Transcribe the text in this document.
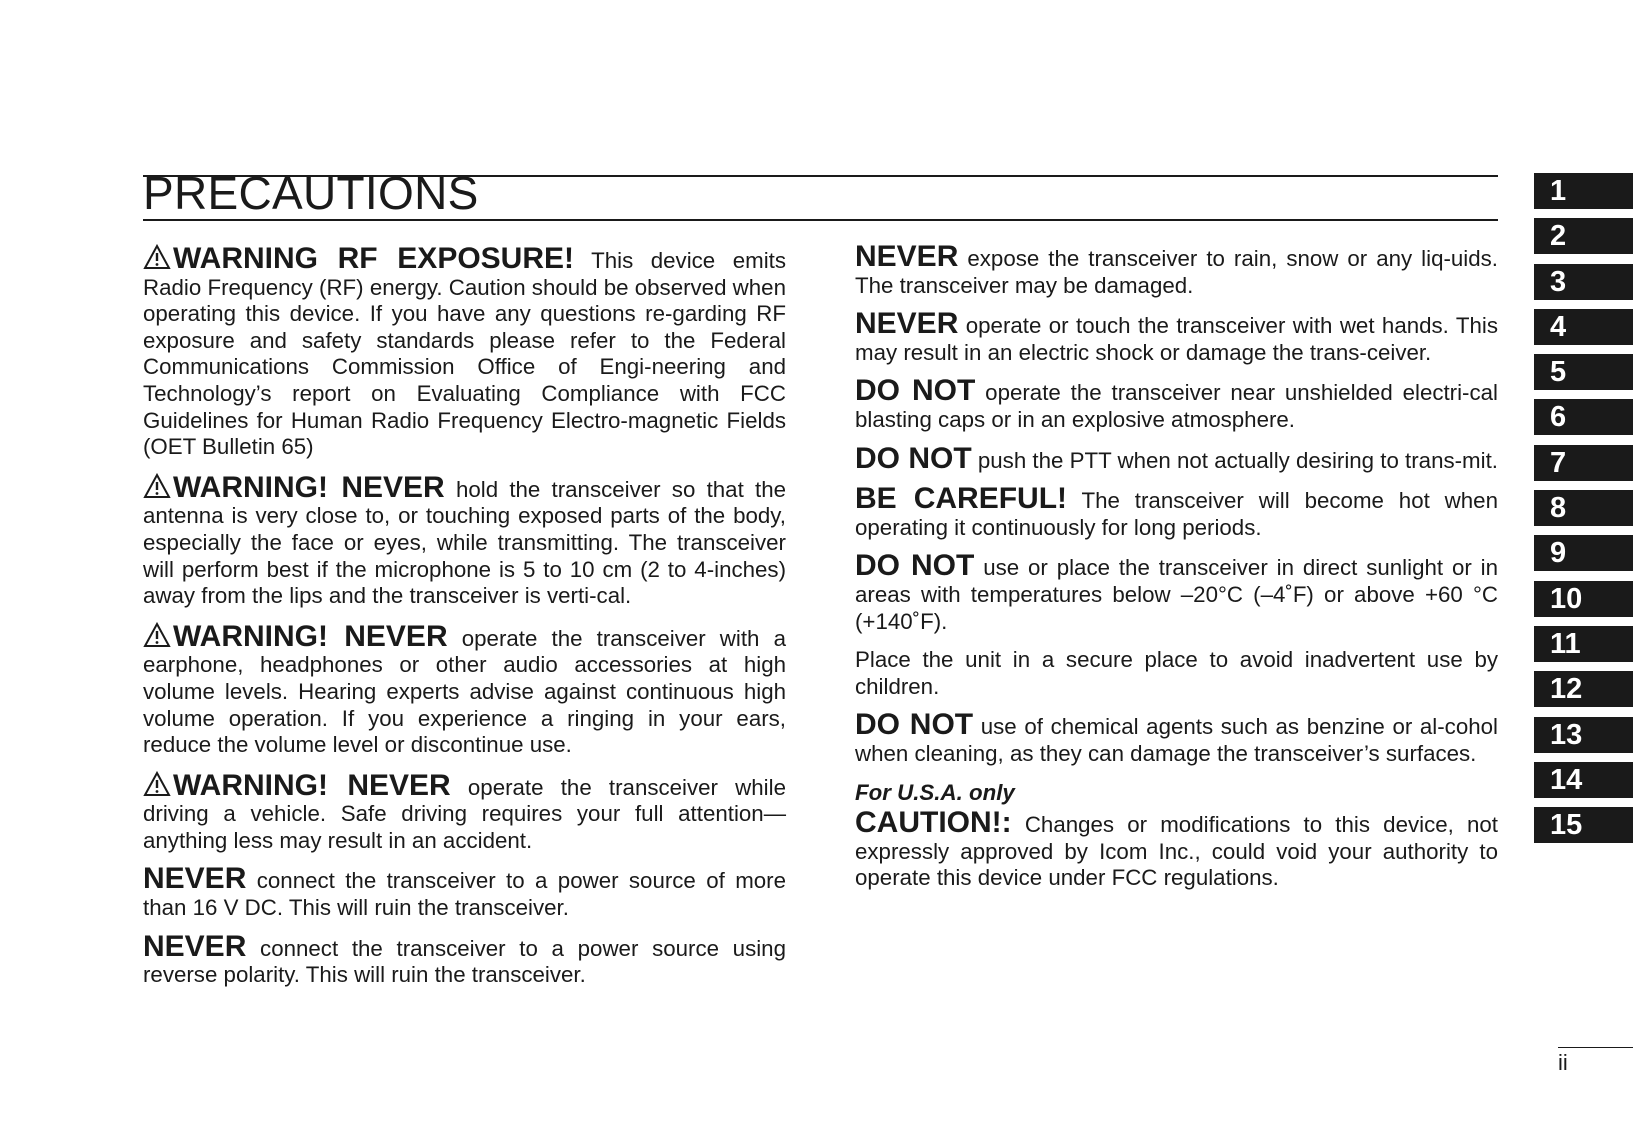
PRECAUTIONS

WARNING RF EXPOSURE! This device emits Radio Frequency (RF) energy. Caution should be observed when operating this device. If you have any questions re-garding RF exposure and safety standards please refer to the Federal Communications Commission Office of Engi-neering and Technology’s report on Evaluating Compliance with FCC Guidelines for Human Radio Frequency Electro-magnetic Fields (OET Bulletin 65)

WARNING! NEVER hold the transceiver so that the antenna is very close to, or touching exposed parts of the body, especially the face or eyes, while transmitting. The transceiver will perform best if the microphone is 5 to 10 cm (2 to 4-inches) away from the lips and the transceiver is verti-cal.

WARNING! NEVER operate the transceiver with a earphone, headphones or other audio accessories at high volume levels. Hearing experts advise against continuous high volume operation. If you experience a ringing in your ears, reduce the volume level or discontinue use.

WARNING! NEVER operate the transceiver while driving a vehicle. Safe driving requires your full attention—anything less may result in an accident.

NEVER connect the transceiver to a power source of more than 16 V DC. This will ruin the transceiver.

NEVER connect the transceiver to a power source using reverse polarity. This will ruin the transceiver.

NEVER expose the transceiver to rain, snow or any liq-uids. The transceiver may be damaged.

NEVER operate or touch the transceiver with wet hands. This may result in an electric shock or damage the trans-ceiver.

DO NOT operate the transceiver near unshielded electri-cal blasting caps or in an explosive atmosphere.

DO NOT push the PTT when not actually desiring to trans-mit.

BE CAREFUL! The transceiver will become hot when operating it continuously for long periods.

DO NOT use or place the transceiver in direct sunlight or in areas with temperatures below –20°C (–4˚F) or above +60 °C (+140˚F).

Place the unit in a secure place to avoid inadvertent use by children.

DO NOT use of chemical agents such as benzine or al-cohol when cleaning, as they can damage the transceiver’s surfaces.

For U.S.A. only

CAUTION!: Changes or modifications to this device, not expressly approved by Icom Inc., could void your authority to operate this device under FCC regulations.

1
2
3
4
5
6
7
8
9
10
11
12
13
14
15
ii
